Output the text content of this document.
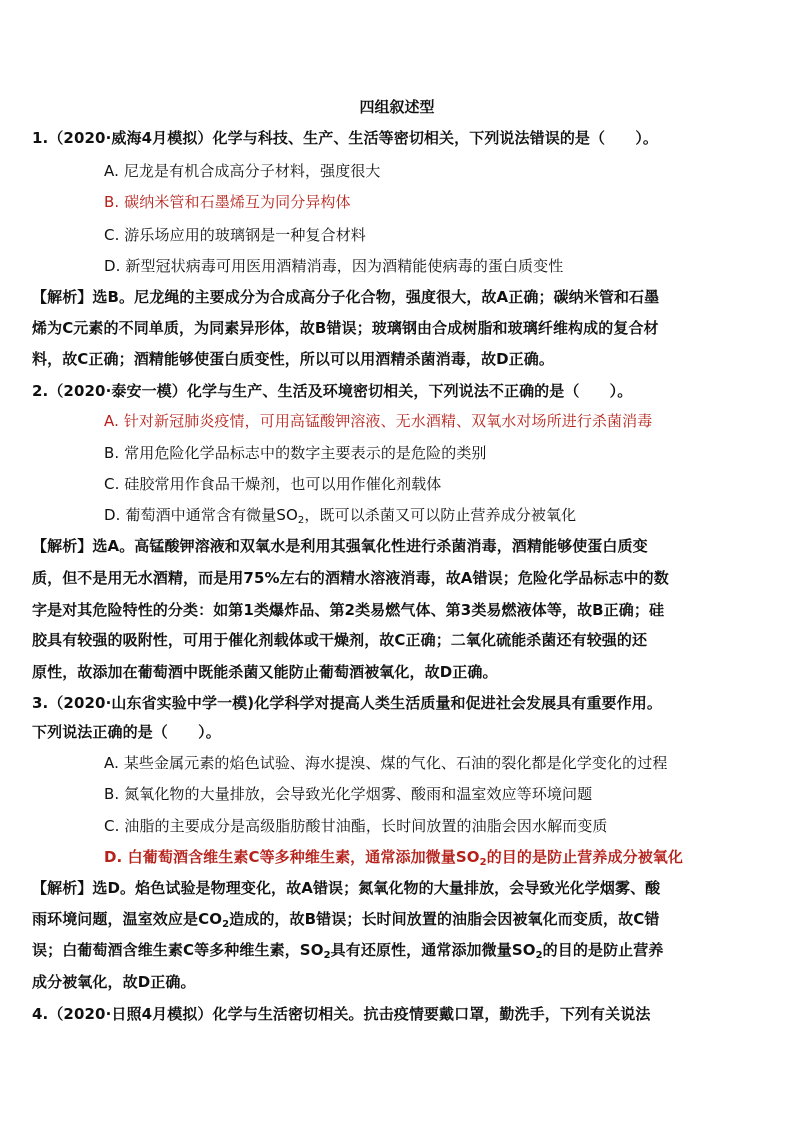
四组叙述型
1.（2020·威海4月模拟）化学与科技、生产、生活等密切相关，下列说法错误的是（　　）。
A. 尼龙是有机合成高分子材料，强度很大
B. 碳纳米管和石墨烯互为同分异构体
C. 游乐场应用的玻璃钢是一种复合材料
D. 新型冠状病毒可用医用酒精消毒，因为酒精能使病毒的蛋白质变性
【解析】选B。尼龙绳的主要成分为合成高分子化合物，强度很大，故A正确；碳纳米管和石墨
烯为C元素的不同单质，为同素异形体，故B错误；玻璃钢由合成树脂和玻璃纤维构成的复合材
料，故C正确；酒精能够使蛋白质变性，所以可以用酒精杀菌消毒，故D正确。
2.（2020·泰安一模）化学与生产、生活及环境密切相关，下列说法不正确的是（　　）。
A. 针对新冠肺炎疫情，可用高锰酸钾溶液、无水酒精、双氧水对场所进行杀菌消毒
B. 常用危险化学品标志中的数字主要表示的是危险的类别
C. 硅胶常用作食品干燥剂，也可以用作催化剂载体
D. 葡萄酒中通常含有微量$SO_2$，既可以杀菌又可以防止营养成分被氧化
【解析】选A。高锰酸钾溶液和双氧水是利用其强氧化性进行杀菌消毒，酒精能够使蛋白质变
质，但不是用无水酒精，而是用75%左右的酒精水溶液消毒，故A错误；危险化学品标志中的数
字是对其危险特性的分类：如第1类爆炸品、第2类易燃气体、第3类易燃液体等，故B正确；硅
胶具有较强的吸附性，可用于催化剂载体或干燥剂，故C正确；二氧化硫能杀菌还有较强的还
原性，故添加在葡萄酒中既能杀菌又能防止葡萄酒被氧化，故D正确。
3.（2020·山东省实验中学一模)化学科学对提高人类生活质量和促进社会发展具有重要作用。
下列说法正确的是（　　）。
A. 某些金属元素的焰色试验、海水提溴、煤的气化、石油的裂化都是化学变化的过程
B. 氮氧化物的大量排放，会导致光化学烟雾、酸雨和温室效应等环境问题
C. 油脂的主要成分是高级脂肪酸甘油酯，长时间放置的油脂会因水解而变质
D. 白葡萄酒含维生素C等多种维生素，通常添加微量$SO_2$的目的是防止营养成分被氧化
【解析】选D。焰色试验是物理变化，故A错误；氮氧化物的大量排放，会导致光化学烟雾、酸
雨环境问题，温室效应是$CO_2$造成的，故B错误；长时间放置的油脂会因被氧化而变质，故C错
误；白葡萄酒含维生素C等多种维生素，$SO_2$具有还原性，通常添加微量$SO_2$的目的是防止营养
成分被氧化，故D正确。
4.（2020·日照4月模拟）化学与生活密切相关。抗击疫情要戴口罩，勤洗手，下列有关说法
